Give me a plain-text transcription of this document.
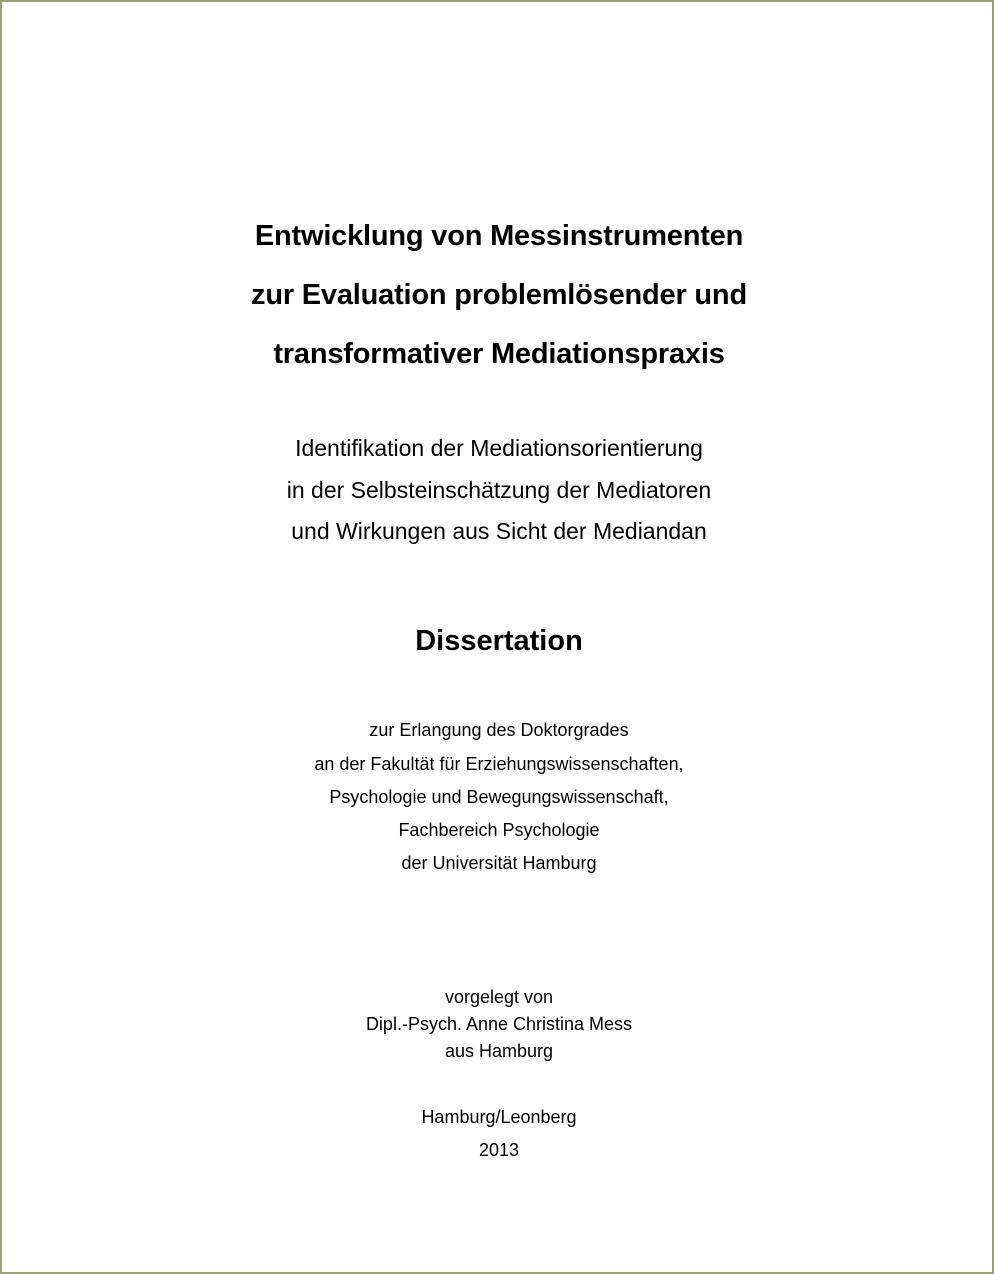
Entwicklung von Messinstrumenten
zur Evaluation problemlösender und
transformativer Mediationspraxis
Identifikation der Mediationsorientierung
in der Selbsteinschätzung der Mediatoren
und Wirkungen aus Sicht der Mediandan
Dissertation
zur Erlangung des Doktorgrades
an der Fakultät für Erziehungswissenschaften,
Psychologie und Bewegungswissenschaft,
Fachbereich Psychologie
der Universität Hamburg
vorgelegt von
Dipl.-Psych. Anne Christina Mess
aus Hamburg
Hamburg/Leonberg
2013
